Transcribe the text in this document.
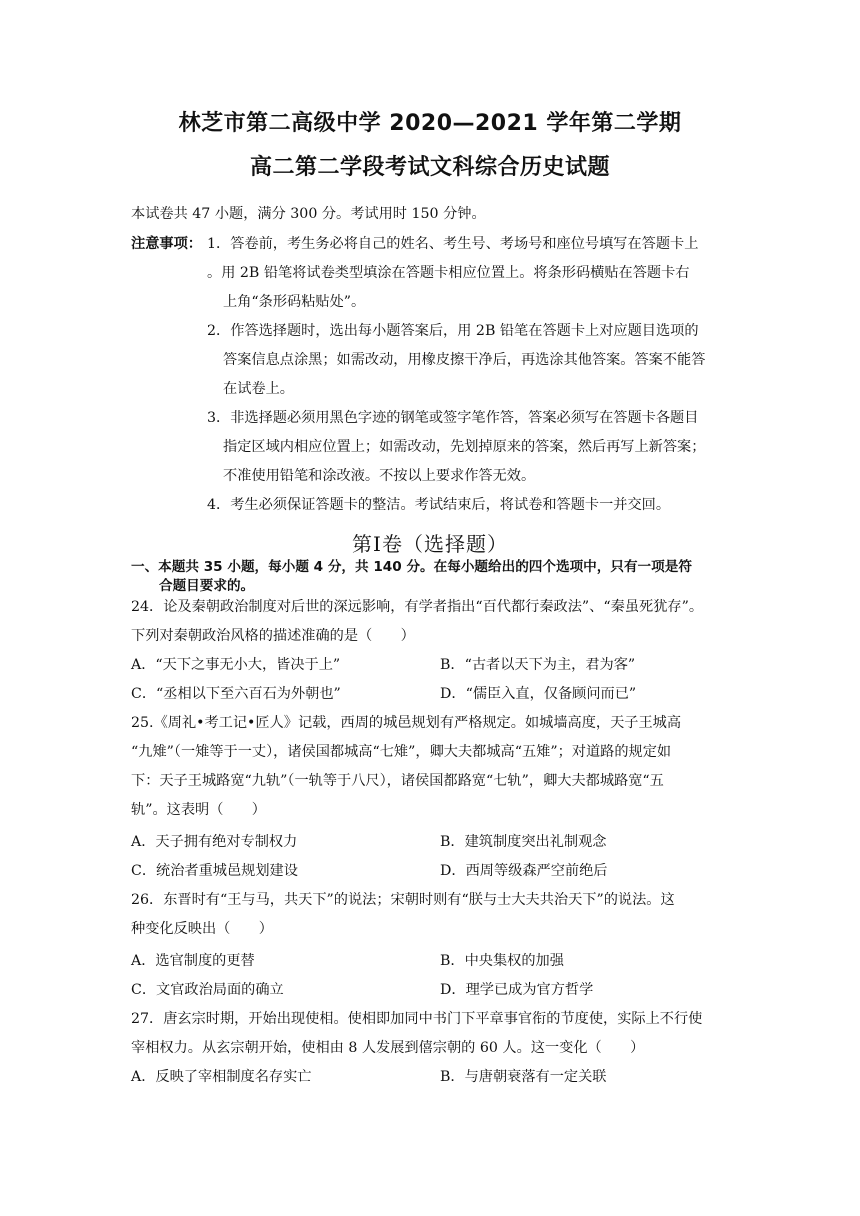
林芝市第二高级中学 2020—2021 学年第二学期
高二第二学段考试文科综合历史试题
本试卷共 47 小题，满分 300 分。考试用时 150 分钟。
注意事项： 1．答卷前，考生务必将自己的姓名、考生号、考场号和座位号填写在答题卡上
。用 2B 铅笔将试卷类型填涂在答题卡相应位置上。将条形码横贴在答题卡右
上角“条形码粘贴处”。
2．作答选择题时，选出每小题答案后，用 2B 铅笔在答题卡上对应题目选项的
答案信息点涂黑；如需改动，用橡皮擦干净后，再选涂其他答案。答案不能答
在试卷上。
3．非选择题必须用黑色字迹的钢笔或签字笔作答，答案必须写在答题卡各题目
指定区域内相应位置上；如需改动，先划掉原来的答案，然后再写上新答案；
不准使用铅笔和涂改液。不按以上要求作答无效。
4．考生必须保证答题卡的整洁。考试结束后，将试卷和答题卡一并交回。
第Ⅰ卷（选择题）
一、本题共 35 小题，每小题 4 分，共 140 分。在每小题给出的四个选项中，只有一项是符
合题目要求的。
24．论及秦朝政治制度对后世的深远影响，有学者指出“百代都行秦政法”、“秦虽死犹存”。
下列对秦朝政治风格的描述准确的是（　　）
A．“天下之事无小大，皆决于上”	B．“古者以天下为主，君为客”
C．“丞相以下至六百石为外朝也”	D．“儒臣入直，仅备顾问而已”
25.《周礼•考工记•匠人》记载，西周的城邑规划有严格规定。如城墙高度，天子王城高
“九雉”（一雉等于一丈），诸侯国都城高“七雉”，卿大夫都城高“五雉”；对道路的规定如
下：天子王城路宽“九轨”（一轨等于八尺），诸侯国都路宽“七轨”，卿大夫都城路宽“五
轨”。这表明（　　）
A．天子拥有绝对专制权力	B．建筑制度突出礼制观念
C．统治者重城邑规划建设	D．西周等级森严空前绝后
26．东晋时有“王与马，共天下”的说法；宋朝时则有“朕与士大夫共治天下”的说法。这
种变化反映出（　　）
A．选官制度的更替	B．中央集权的加强
C．文官政治局面的确立	D．理学已成为官方哲学
27．唐玄宗时期，开始出现使相。使相即加同中书门下平章事官衔的节度使，实际上不行使
宰相权力。从玄宗朝开始，使相由 8 人发展到僖宗朝的 60 人。这一变化（　　）
A．反映了宰相制度名存实亡	B．与唐朝衰落有一定关联
